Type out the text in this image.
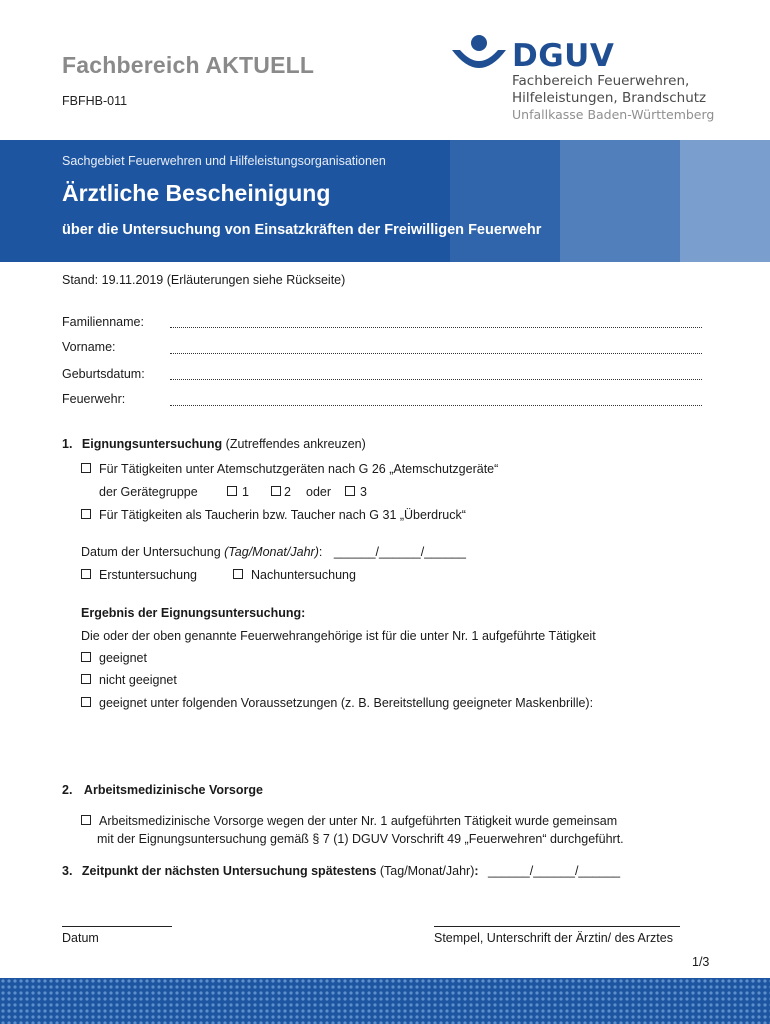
Fachbereich AKTUELL
FBFHB-011
DGUV
Fachbereich Feuerwehren,
Hilfeleistungen, Brandschutz
Unfallkasse Baden-Württemberg
Sachgebiet Feuerwehren und Hilfeleistungsorganisationen
Ärztliche Bescheinigung
über die Untersuchung von Einsatzkräften der Freiwilligen Feuerwehr
Stand: 19.11.2019 (Erläuterungen siehe Rückseite)
Familienname:
Vorname:
Geburtsdatum:
Feuerwehr:
1. Eignungsuntersuchung (Zutreffendes ankreuzen)
Für Tätigkeiten unter Atemschutzgeräten nach G 26 „Atemschutzgeräte“
der Gerätegruppe	1	2 oder	3
Für Tätigkeiten als Taucherin bzw. Taucher nach G 31 „Überdruck“
Datum der Untersuchung (Tag/Monat/Jahr): ______/______/______
Erstuntersuchung	Nachuntersuchung
Ergebnis der Eignungsuntersuchung:
Die oder der oben genannte Feuerwehrangehörige ist für die unter Nr. 1 aufgeführte Tätigkeit
geeignet
nicht geeignet
geeignet unter folgenden Voraussetzungen (z. B. Bereitstellung geeigneter Maskenbrille):
2. Arbeitsmedizinische Vorsorge
Arbeitsmedizinische Vorsorge wegen der unter Nr. 1 aufgeführten Tätigkeit wurde gemeinsam
mit der Eignungsuntersuchung gemäß § 7 (1) DGUV Vorschrift 49 „Feuerwehren“ durchgeführt.
3. Zeitpunkt der nächsten Untersuchung spätestens (Tag/Monat/Jahr): ______/______/______
Datum	Stempel, Unterschrift der Ärztin/ des Arztes
1/3
